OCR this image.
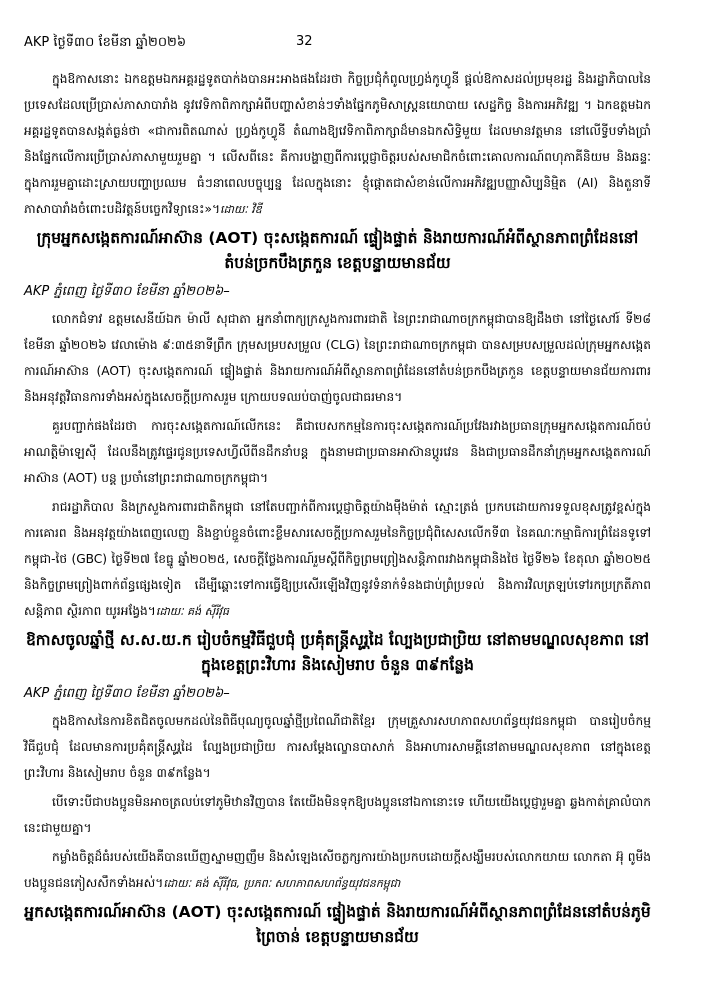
AKP ថ្ងៃទី៣០ ខែមីនា ឆ្នាំ២០២៦	32

ក្នុងឱកាសនោះ ឯកឧត្តមឯកអគ្គរដ្ឋទូតបាក់ងបានអះអាងផងដែរថា កិច្ចប្រជុំកំពូលហ្វ្រង់កូហ្វូនី ផ្ដល់ឱកាសដល់ប្រមុខរដ្ឋ និងរដ្ឋាភិបាលនៃប្រទេសដែលប្រើប្រាស់ភាសាបារាំង នូវវេទិកាពិភាក្សាអំពីបញ្ហាសំខាន់ៗទាំងផ្នែកភូមិសាស្ត្រនយោបាយ សេដ្ឋកិច្ច និងការអភិវឌ្ឍ ។ ឯកឧត្តមឯកអគ្គរដ្ឋទូតបានសង្កត់ធ្ងន់ថា «ជាការពិតណាស់ ហ្វ្រង់កូហ្វូនី តំណាងឱ្យវេទិកាពិភាក្សាដ៏មានឯកសិទ្ធិមួយ ដែលមានវត្តមាន នៅលើទ្វីបទាំងប្រាំ និងផ្នែកលើការប្រើប្រាស់ភាសាមួយរួមគ្នា ។ លើសពីនេះ គឺការបង្ហាញពីការប្ដេជ្ញាចិត្តរបស់សមាជិកចំពោះគោលការណ៍ពហុភាគីនិយម និងឆន្ទៈក្នុងការរួមគ្នាដោះស្រាយបញ្ហាប្រឈម ធំៗនាពេលបច្ចុប្បន្ន ដែលក្នុងនោះ ខ្ញុំផ្ដោតជាសំខាន់លើការអភិវឌ្ឍបញ្ញាសិប្បនិម្មិត (AI) និងតួនាទីភាសាបារាំងចំពោះបដិវត្តន៍បច្ចេកវិទ្យានេះ»។ដោយៈ វិឌី

ក្រុមអ្នកសង្កេតការណ៍អាស៊ាន (AOT) ចុះសង្កេតការណ៍ ផ្ទៀងផ្ទាត់ និងរាយការណ៍អំពីស្ថានភាពព្រំដែននៅតំបន់ច្រកបឹងត្រកួន ខេត្តបន្ទាយមានជ័យ
AKP ភ្នំពេញ ថ្ងៃទី៣០ ខែមីនា ឆ្នាំ២០២៦–

លោកជំទាវ ឧត្តមសេនីយ៍ឯក ម៉ាលី សុជាតា អ្នកនាំពាក្យក្រសួងការពារជាតិ នៃព្រះរាជាណាចក្រកម្ពុជាបានឱ្យដឹងថា នៅថ្ងៃសៅរ៍ ទី២៨ ខែមីនា ឆ្នាំ២០២៦ វេលាម៉ោង ៩:៣៥នាទីព្រឹក ក្រុមសម្របសម្រួល (CLG) នៃព្រះរាជាណាចក្រកម្ពុជា បានសម្របសម្រួលដល់ក្រុមអ្នកសង្កេតការណ៍អាស៊ាន (AOT) ចុះសង្កេតការណ៍ ផ្ទៀងផ្ទាត់ និងរាយការណ៍អំពីស្ថានភាពព្រំដែននៅតំបន់ច្រកបឹងត្រកួន ខេត្តបន្ទាយមានជ័យការពារ និងអនុវត្តវិធានការទាំងអស់ក្នុងសេចក្ដីប្រកាសរួម ក្រោយបទឈប់បាញ់ចូលជាធរមាន។

គួរបញ្ជាក់ផងដែរថា ការចុះសង្កេតការណ៍លើកនេះ គឺជាបេសកកម្មនៃការចុះសង្កេតការណ៍ប្រវែងរវាងប្រធានក្រុមអ្នកសង្កេតការណ៍ចប់អាណត្តិម៉ាឡេស៊ី ដែលនឹងត្រូវផ្ទេរជូនប្រទេសហ្វីលីពីនដឹកនាំបន្ត ក្នុងនាមជាប្រធានអាស៊ានប្ដូរវេន និងជាប្រធានដឹកនាំក្រុមអ្នកសង្កេតការណ៍អាស៊ាន (AOT) បន្ត ប្រចាំនៅព្រះរាជាណាចក្រកម្ពុជា។

រាជរដ្ឋាភិបាល និងក្រសួងការពារជាតិកម្ពុជា នៅតែបញ្ជាក់ពីការប្ដេជ្ញាចិត្តយ៉ាងម៉ឺងម៉ាត់ ស្មោះត្រង់ ប្រកបដោយការទទួលខុសត្រូវខ្ពស់ក្នុងការគោរព និងអនុវត្តយ៉ាងពេញលេញ និងខ្ជាប់ខ្ជួនចំពោះខ្លឹមសារសេចក្ដីប្រកាសរួមនៃកិច្ចប្រជុំពិសេសលើកទី៣ នៃគណៈកម្មាធិការព្រំដែនទូទៅកម្ពុជា-ថៃ (GBC) ថ្ងៃទី២៧ ខែធ្នូ ឆ្នាំ២០២៥, សេចក្ដីថ្លែងការណ៍រួមស្ដីពីកិច្ចព្រមព្រៀងសន្តិភាពរវាងកម្ពុជានិងថៃ ថ្ងៃទី២៦ ខែតុលា ឆ្នាំ២០២៥ និងកិច្ចព្រមព្រៀងពាក់ព័ន្ធផ្សេងទៀត ដើម្បីឆ្ពោះទៅការធ្វើឱ្យប្រសើរឡើងវិញនូវទំនាក់ទំនងជាប់ព្រំប្រទល់ និងការវិលត្រឡប់ទៅរកប្រក្រតីភាព សន្តិភាព ស្ថិរភាព យូរអង្វែង។ដោយៈ គង់ ស៊ីរីវុធ

ឱកាសចូលឆ្នាំថ្មី ស.ស.យ.ក រៀបចំកម្មវិធីជួបជុំ ប្រគុំតន្ត្រីសូរ្តដៃ ល្បែងប្រជាប្រិយ នៅតាមមណ្ឌលសុខភាព នៅក្នុងខេត្តព្រះវិហារ និងសៀមរាប ចំនួន ៣៩កន្លែង
AKP ភ្នំពេញ ថ្ងៃទី៣០ ខែមីនា ឆ្នាំ២០២៦–

ក្នុងឱកាសនៃការខិតជិតចូលមកដល់នៃពិធីបុណ្យចូលឆ្នាំថ្មីប្រពៃណីជាតិខ្មែរ ក្រុមគ្រួសារសហភាពសហព័ន្ធយុវជនកម្ពុជា បានរៀបចំកម្មវិធីជួបជុំ ដែលមានការប្រគុំតន្ត្រីសូរ្តដៃ ល្បែងប្រជាប្រិយ ការសម្ដែងល្ខោនបាសាក់ និងអាហារសាមគ្គីនៅតាមមណ្ឌលសុខភាព នៅក្នុងខេត្តព្រះវិហារ និងសៀមរាប ចំនួន ៣៩កន្លែង។

បើទោះបីជាបងប្អូនមិនអាចត្រលប់ទៅភូមិឋានវិញបាន តែយើងមិនទុកឱ្យបងប្អូននៅឯកានោះទេ ហើយយើងប្ដេជ្ញារួមគ្នា ឆ្លងកាត់គ្រាលំបាកនេះជាមួយគ្នា។

កម្លាំងចិត្តដ៏ធំរបស់យើងគឺបានឃើញស្នាមញញឹម និងសំឡេងសើចភ្លក្សការយ៉ាងប្រកបដោយក្ដីសង្ឃឹមរបស់លោកយាយ លោកតា អ៊ុ ពូមីង បងប្អូនជនភៀសសឹកទាំងអស់។ដោយៈ គង់ ស៊ីរីវុធ, ប្រភពៈ សហភាពសហព័ន្ធយុវជនកម្ពុជា

អ្នកសង្កេតការណ៍អាស៊ាន (AOT) ចុះសង្កេតការណ៍ ផ្ទៀងផ្ទាត់ និងរាយការណ៍អំពីស្ថានភាពព្រំដែននៅតំបន់ភូមិព្រៃចាន់ ខេត្តបន្ទាយមានជ័យ
